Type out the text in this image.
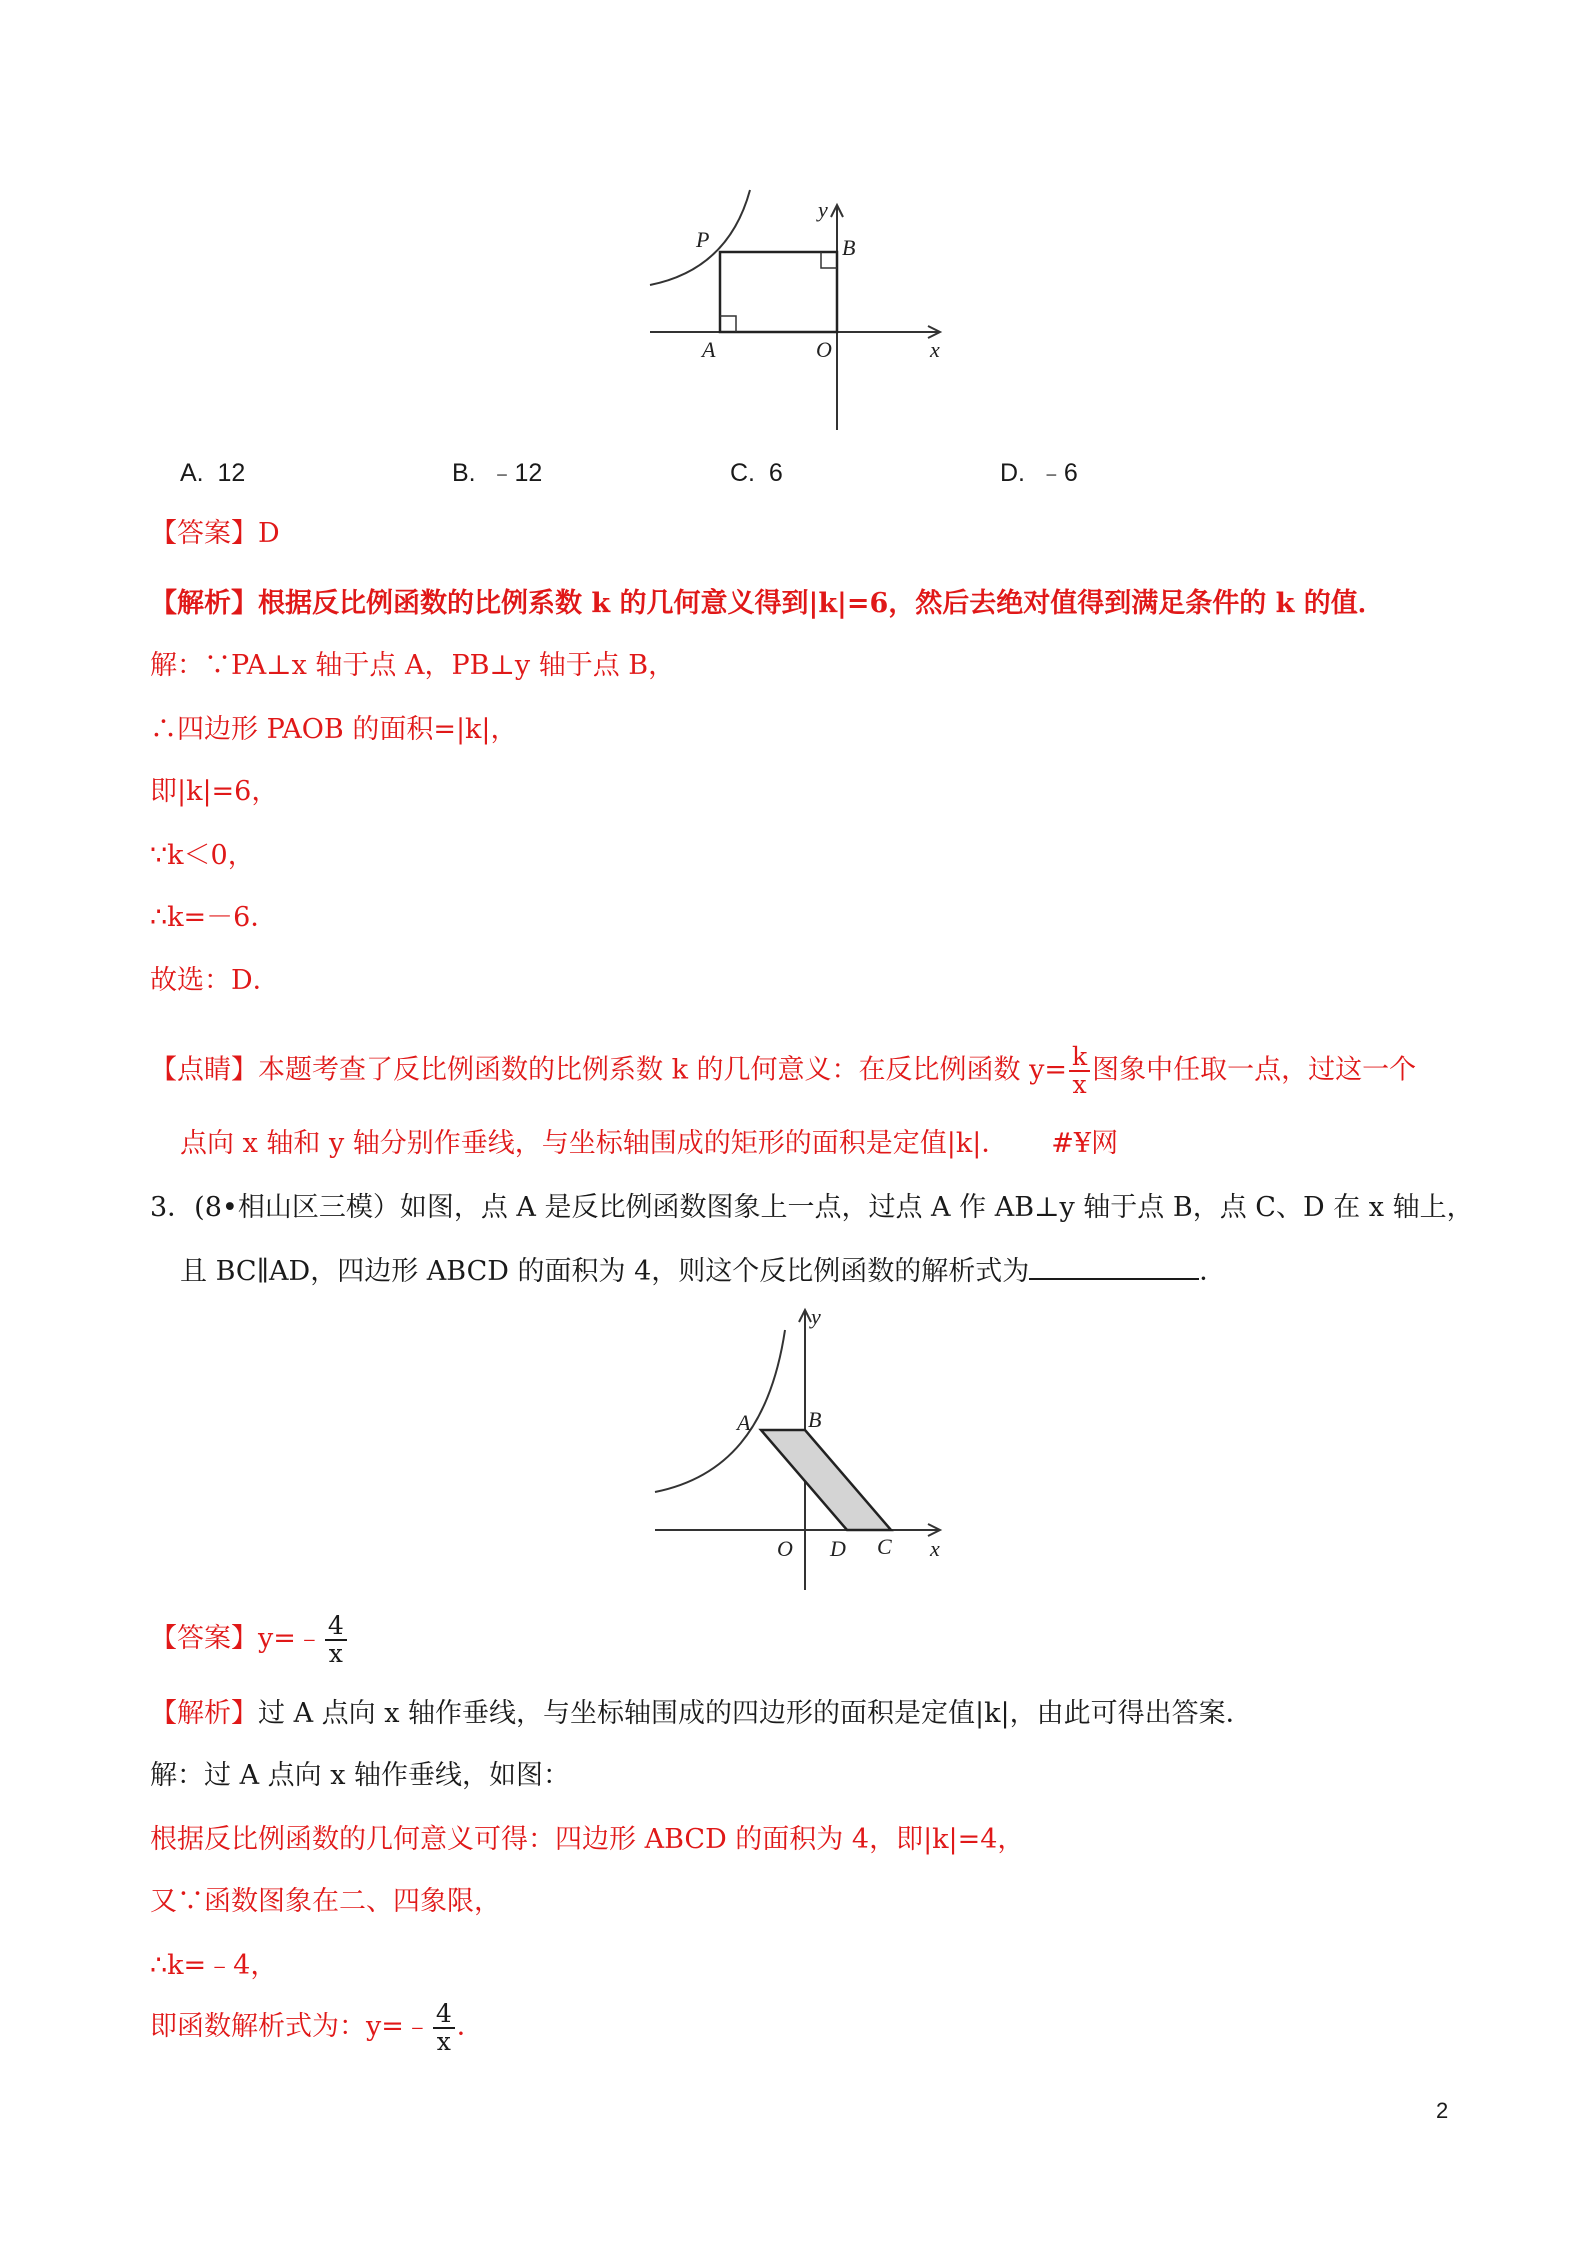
P	B
A	O	x
y
A. 12	B. ﹣12	C. 6	D. ﹣6
【答案】D
【解析】根据反比例函数的比例系数 k 的几何意义得到|k|=6，然后去绝对值得到满足条件的 k 的值．
解：∵PA⊥x 轴于点 A，PB⊥y 轴于点 B，
∴四边形 PAOB 的面积=|k|，
即|k|=6，
∵k＜0，
∴k=－6．
故选：D．
【点睛】本题考查了反比例函数的比例系数 k 的几何意义：在反比例函数 $y= \frac{k}{x}$ 图象中任取一点，过这一个
点向 x 轴和 y 轴分别作垂线，与坐标轴围成的矩形的面积是定值|k|． #¥网
3．(8•相山区三模）如图，点 A 是反比例函数图象上一点，过点 A 作 AB⊥y 轴于点 B，点 C、D 在 x 轴上，
且 BC∥AD，四边形 ABCD 的面积为 4，则这个反比例函数的解析式为	．
A	B
O D C x
y
【答案】y=﹣ $\frac{4}{x}$
【解析】过 A 点向 x 轴作垂线，与坐标轴围成的四边形的面积是定值|k|，由此可得出答案．
解：过 A 点向 x 轴作垂线，如图：
根据反比例函数的几何意义可得：四边形 ABCD 的面积为 4，即|k|=4，
又∵函数图象在二、四象限，
∴k=﹣4，
即函数解析式为：y=﹣ $\frac{4}{x}$ ．
2
